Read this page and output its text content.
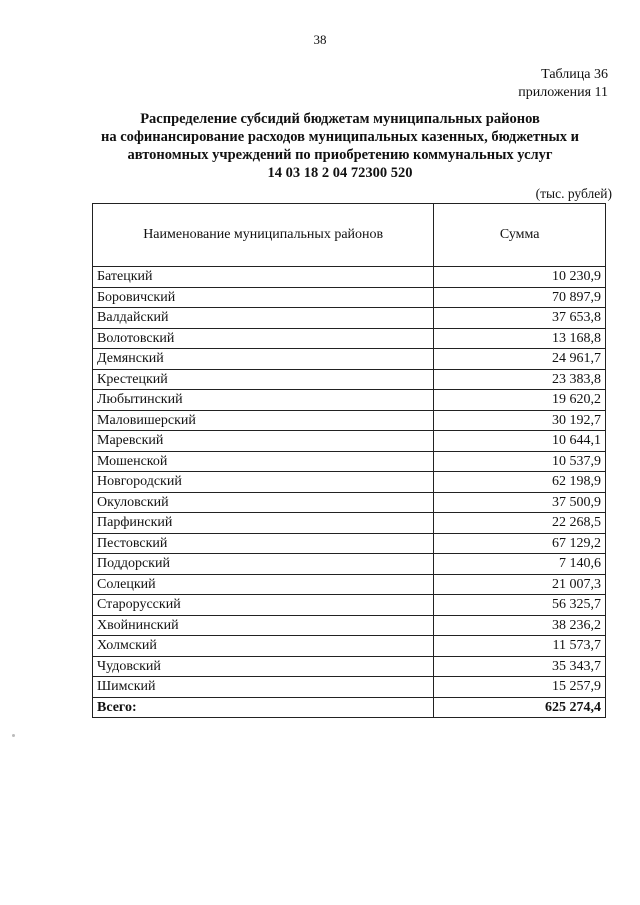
38
Таблица 36
приложения 11
Распределение субсидий бюджетам муниципальных районов
на софинансирование расходов муниципальных казенных, бюджетных и
автономных учреждений по приобретению коммунальных услуг
14 03 18 2 04 72300 520
(тыс. рублей)
Наименование муниципальных районов	Сумма
Батецкий	10 230,9
Боровичский	70 897,9
Валдайский	37 653,8
Волотовский	13 168,8
Демянский	24 961,7
Крестецкий	23 383,8
Любытинский	19 620,2
Маловишерский	30 192,7
Маревский	10 644,1
Мошенской	10 537,9
Новгородский	62 198,9
Окуловский	37 500,9
Парфинский	22 268,5
Пестовский	67 129,2
Поддорский	7 140,6
Солецкий	21 007,3
Старорусский	56 325,7
Хвойнинский	38 236,2
Холмский	11 573,7
Чудовский	35 343,7
Шимский	15 257,9
Всего:	625 274,4
